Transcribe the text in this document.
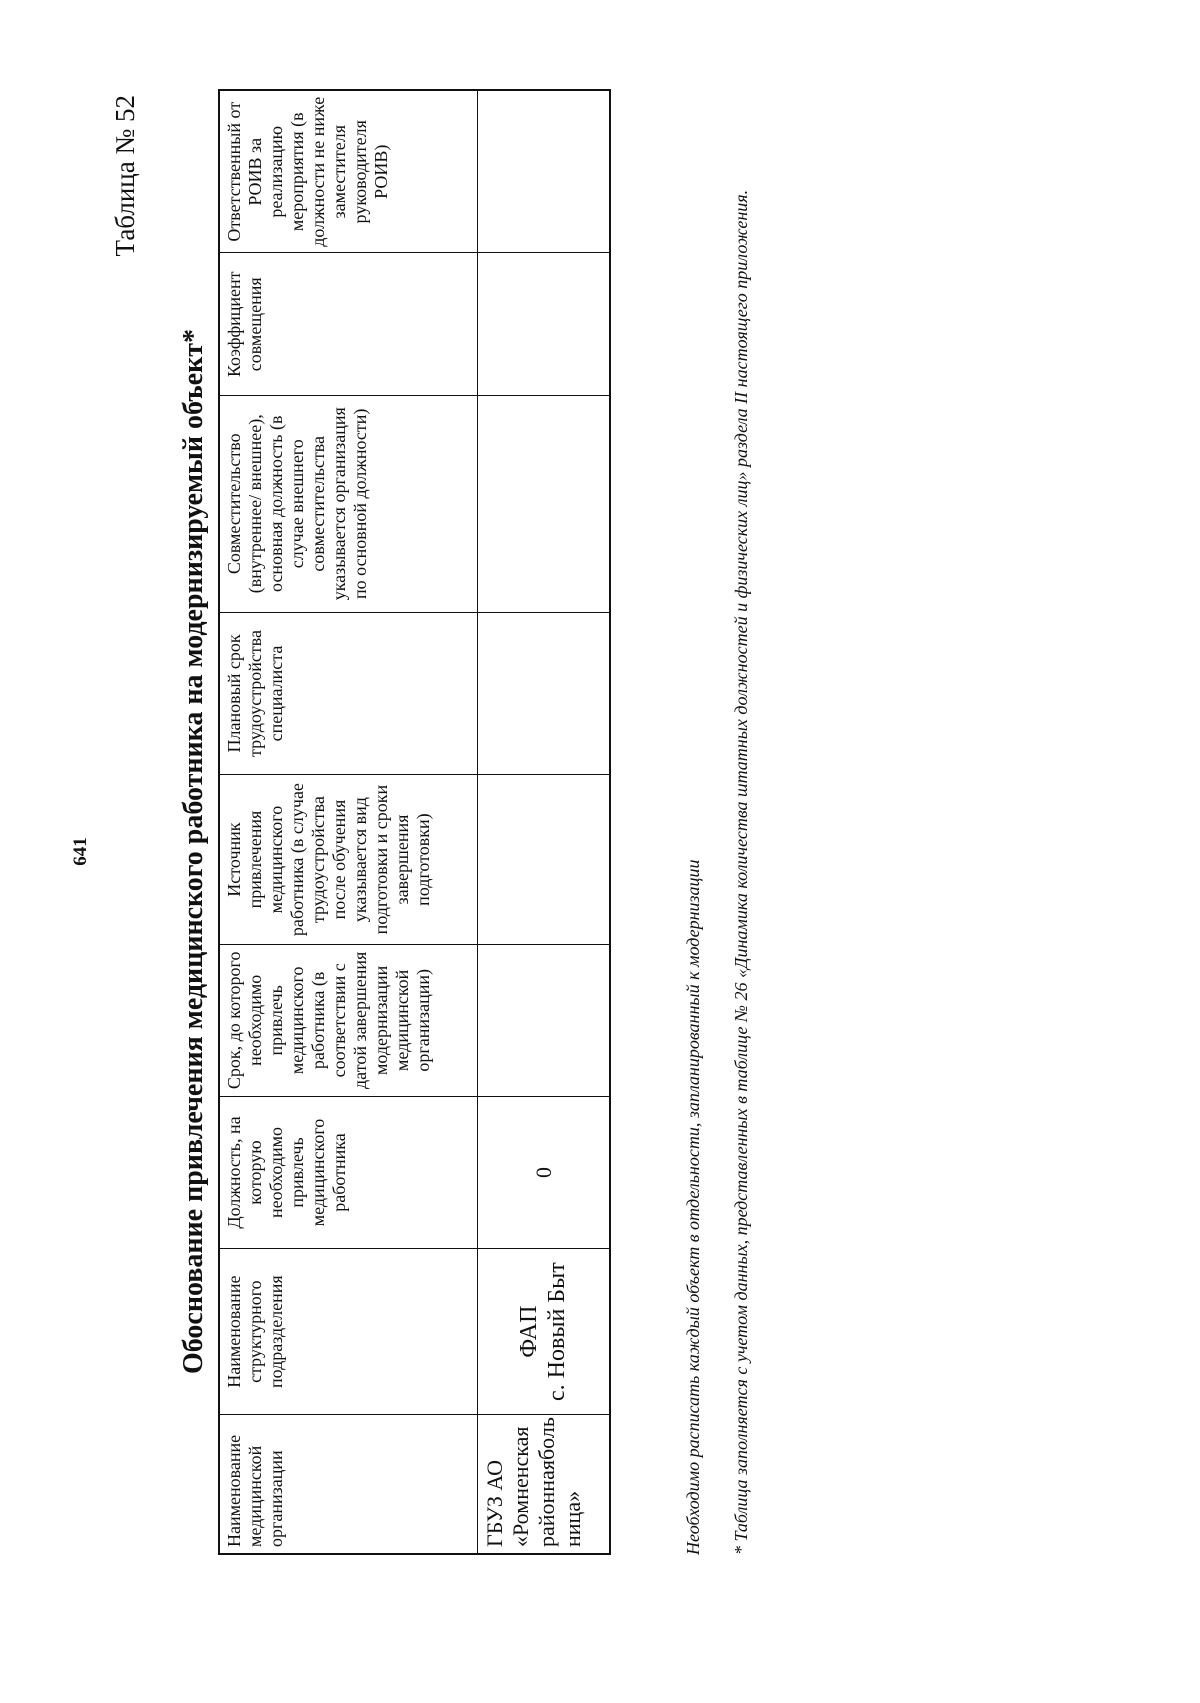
641
Таблица № 52
Обоснование привлечения медицинского работника на модернизируемый объект*
Наименование медицинской организации	Наименование структурного подразделения	Должность, на которую необходимо привлечь медицинского работника	Срок, до которого необходимо привлечь медицинского работника (в соответствии с датой завершения модернизации медицинской организации)	Источник привлечения медицинского работника (в случае трудоустройства после обучения указывается вид подготовки и сроки завершения подготовки)	Плановый срок трудоустройства специалиста	Совместительство (внутреннее/ внешнее), основная должность (в случае внешнего совместительства указывается организация по основной должности)	Коэффициент совмещения	Ответственный от РОИВ за реализацию мероприятия (в должности не ниже заместителя руководителя РОИВ)
ГБУЗ АО «Ромненская районнаяболь ница»	ФАП с. Новый Быт	0							Необходимо расписать каждый объект в отдельности, запланированный к модернизации * Таблица заполняется с учетом данных, представленных в таблице № 26 «Динамика количества штатных должностей и физических лиц» раздела II настоящего приложения.
